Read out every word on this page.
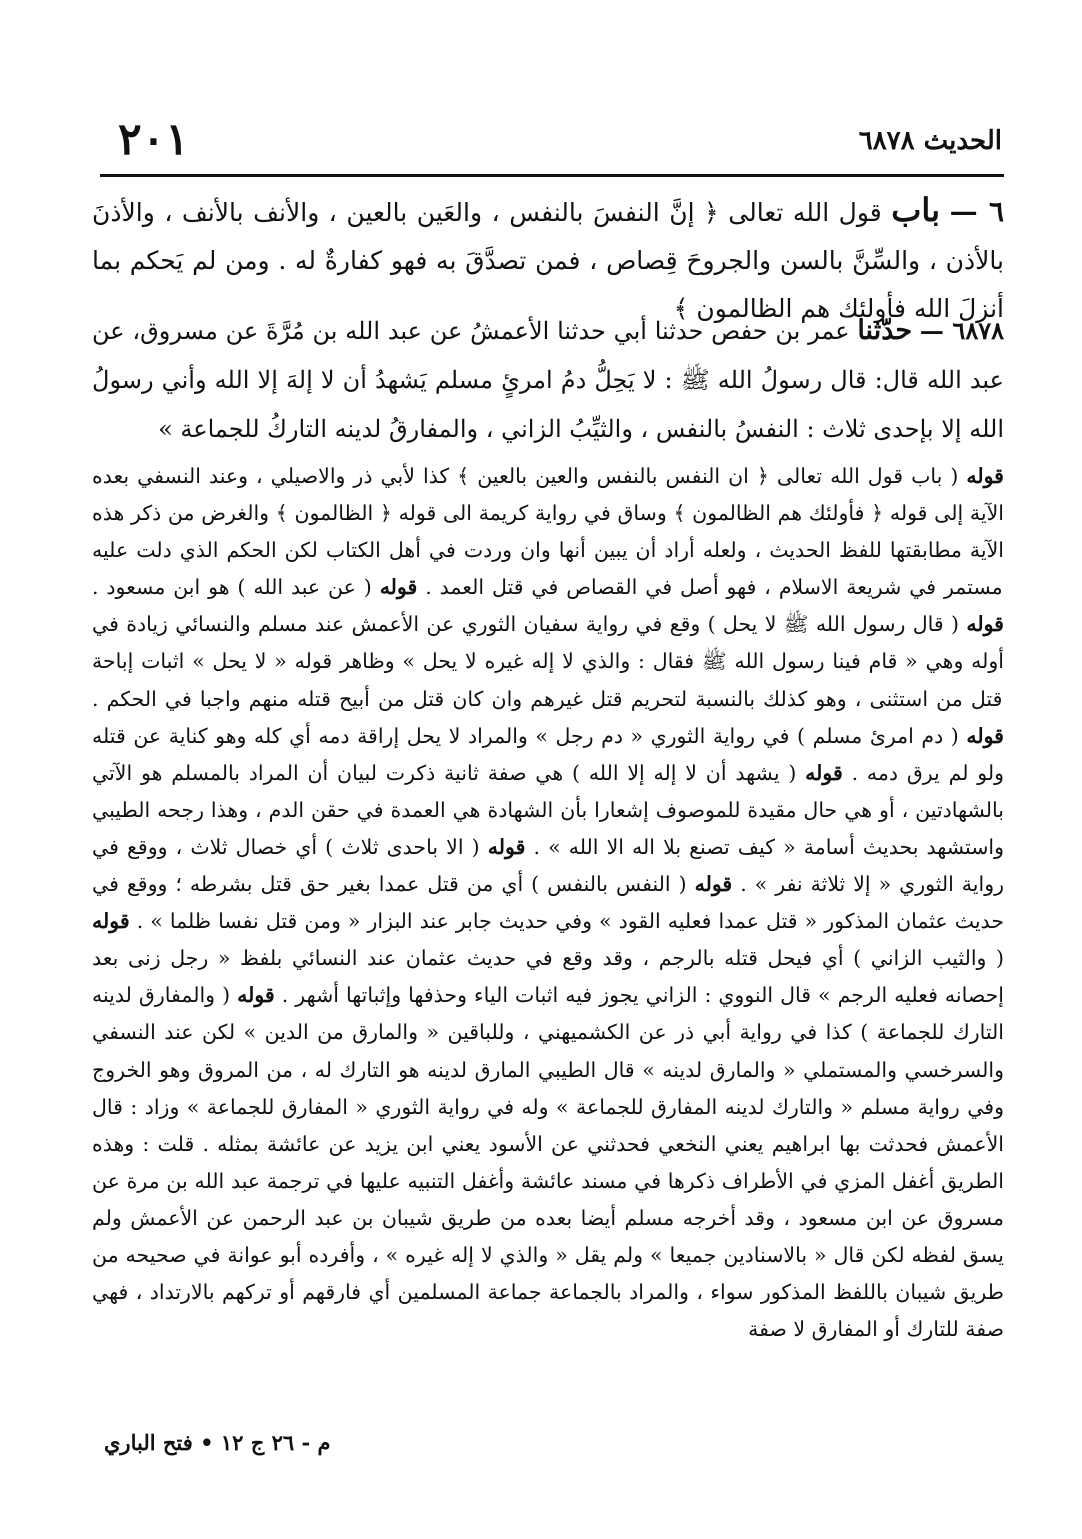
الحديث ٦٨٧٨
٢٠١
٦ — باب قول الله تعالى ﴿ إنَّ النفسَ بالنفس ، والعَين بالعين ، والأنف بالأنف ، والأذنَ بالأذن ، والسِّنَّ بالسن والجروحَ قِصاص ، فمن تصدَّقَ به فهو كفارةٌ له . ومن لم يَحكم بما أنزلَ الله فأولئك هم الظالمون ﴾
٦٨٧٨ — حدّثنا عمر بن حفص حدثنا أبي حدثنا الأعمشُ عن عبد الله بن مُرَّةَ عن مسروق، عن عبد الله قال: قال رسولُ الله ﷺ : لا يَحِلُّ دمُ امرئٍ مسلم يَشهدُ أن لا إلهَ إلا الله وأني رسولُ الله إلا بإحدى ثلاث : النفسُ بالنفس ، والثيِّبُ الزاني ، والمفارقُ لدينه التاركُ للجماعة »
قوله ( باب قول الله تعالى ﴿ ان النفس بالنفس والعين بالعين ﴾ كذا لأبي ذر والاصيلي ، وعند النسفي بعده الآية إلى قوله ﴿ فأولئك هم الظالمون ﴾ وساق في رواية كريمة الى قوله ﴿ الظالمون ﴾ والغرض من ذكر هذه الآية مطابقتها للفظ الحديث ، ولعله أراد أن يبين أنها وان وردت في أهل الكتاب لكن الحكم الذي دلت عليه مستمر في شريعة الاسلام ، فهو أصل في القصاص في قتل العمد . قوله ( عن عبد الله ) هو ابن مسعود . قوله ( قال رسول الله ﷺ لا يحل ) وقع في رواية سفيان الثوري عن الأعمش عند مسلم والنسائي زيادة في أوله وهي « قام فينا رسول الله ﷺ فقال : والذي لا إله غيره لا يحل » وظاهر قوله « لا يحل » اثبات إباحة قتل من استثنى ، وهو كذلك بالنسبة لتحريم قتل غيرهم وان كان قتل من أبيح قتله منهم واجبا في الحكم . قوله ( دم امرئ مسلم ) في رواية الثوري « دم رجل » والمراد لا يحل إراقة دمه أي كله وهو كناية عن قتله ولو لم يرق دمه . قوله ( يشهد أن لا إله إلا الله ) هي صفة ثانية ذكرت لبيان أن المراد بالمسلم هو الآتي بالشهادتين ، أو هي حال مقيدة للموصوف إشعارا بأن الشهادة هي العمدة في حقن الدم ، وهذا رجحه الطيبي واستشهد بحديث أسامة « كيف تصنع بلا اله الا الله » . قوله ( الا باحدى ثلاث ) أي خصال ثلاث ، ووقع في رواية الثوري « إلا ثلاثة نفر » . قوله ( النفس بالنفس ) أي من قتل عمدا بغير حق قتل بشرطه ؛ ووقع في حديث عثمان المذكور « قتل عمدا فعليه القود » وفي حديث جابر عند البزار « ومن قتل نفسا ظلما » . قوله ( والثيب الزاني ) أي فيحل قتله بالرجم ، وقد وقع في حديث عثمان عند النسائي بلفظ « رجل زنى بعد إحصانه فعليه الرجم » قال النووي : الزاني يجوز فيه اثبات الياء وحذفها وإثباتها أشهر . قوله ( والمفارق لدينه التارك للجماعة ) كذا في رواية أبي ذر عن الكشميهني ، وللباقين « والمارق من الدين » لكن عند النسفي والسرخسي والمستملي « والمارق لدينه » قال الطيبي المارق لدينه هو التارك له ، من المروق وهو الخروج وفي رواية مسلم « والتارك لدينه المفارق للجماعة » وله في رواية الثوري « المفارق للجماعة » وزاد : قال الأعمش فحدثت بها ابراهيم يعني النخعي فحدثني عن الأسود يعني ابن يزيد عن عائشة بمثله . قلت : وهذه الطريق أغفل المزي في الأطراف ذكرها في مسند عائشة وأغفل التنبيه عليها في ترجمة عبد الله بن مرة عن مسروق عن ابن مسعود ، وقد أخرجه مسلم أيضا بعده من طريق شيبان بن عبد الرحمن عن الأعمش ولم يسق لفظه لكن قال « بالاسنادين جميعا » ولم يقل « والذي لا إله غيره » ، وأفرده أبو عوانة في صحيحه من طريق شيبان باللفظ المذكور سواء ، والمراد بالجماعة جماعة المسلمين أي فارقهم أو تركهم بالارتداد ، فهي صفة للتارك أو المفارق لا صفة
م - ٢٦ ج ١٢ • فتح الباري
